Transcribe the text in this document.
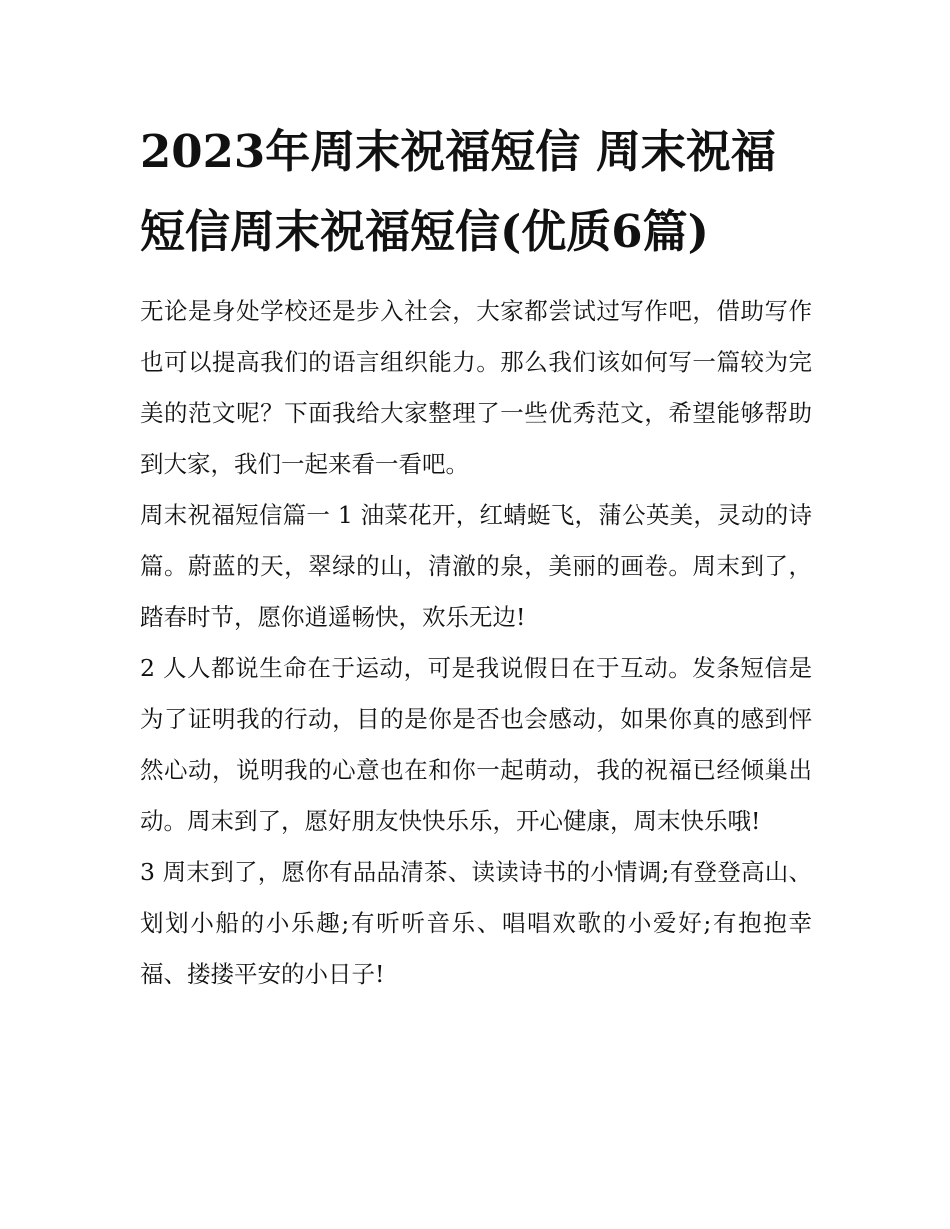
2023年周末祝福短信 周末祝福短信周末祝福短信(优质6篇)

无论是身处学校还是步入社会，大家都尝试过写作吧，借助写作也可以提高我们的语言组织能力。那么我们该如何写一篇较为完美的范文呢？下面我给大家整理了一些优秀范文，希望能够帮助到大家，我们一起来看一看吧。

周末祝福短信篇一 1 油菜花开，红蜻蜓飞，蒲公英美，灵动的诗篇。蔚蓝的天，翠绿的山，清澈的泉，美丽的画卷。周末到了，踏春时节，愿你逍遥畅快，欢乐无边!

2 人人都说生命在于运动，可是我说假日在于互动。发条短信是为了证明我的行动，目的是你是否也会感动，如果你真的感到怦然心动，说明我的心意也在和你一起萌动，我的祝福已经倾巢出动。周末到了，愿好朋友快快乐乐，开心健康，周末快乐哦!

3 周末到了，愿你有品品清茶、读读诗书的小情调;有登登高山、划划小船的小乐趣;有听听音乐、唱唱欢歌的小爱好;有抱抱幸福、搂搂平安的小日子!
